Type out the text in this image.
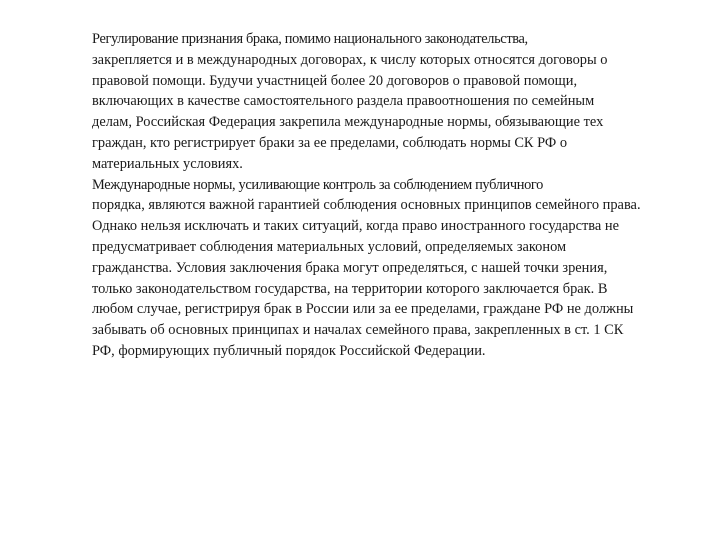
Регулирование признания брака, помимо национального законодательства,
закрепляется и в международных договорах, к числу которых относятся договоры о
правовой помощи. Будучи участницей более 20 договоров о правовой помощи,
включающих в качестве самостоятельного раздела правоотношения по семейным
делам, Российская Федерация закрепила международные нормы, обязывающие тех
граждан, кто регистрирует браки за ее пределами, соблюдать нормы СК РФ о
материальных условиях.

Международные нормы, усиливающие контроль за соблюдением публичного
порядка, являются важной гарантией соблюдения основных принципов семейного права.
Однако нельзя исключать и таких ситуаций, когда право иностранного государства не
предусматривает соблюдения материальных условий, определяемых законом
гражданства. Условия заключения брака могут определяться, с нашей точки зрения,
только законодательством государства, на территории которого заключается брак. В
любом случае, регистрируя брак в России или за ее пределами, граждане РФ не должны
забывать об основных принципах и началах семейного права, закрепленных в ст. 1 СК
РФ, формирующих публичный порядок Российской Федерации.
